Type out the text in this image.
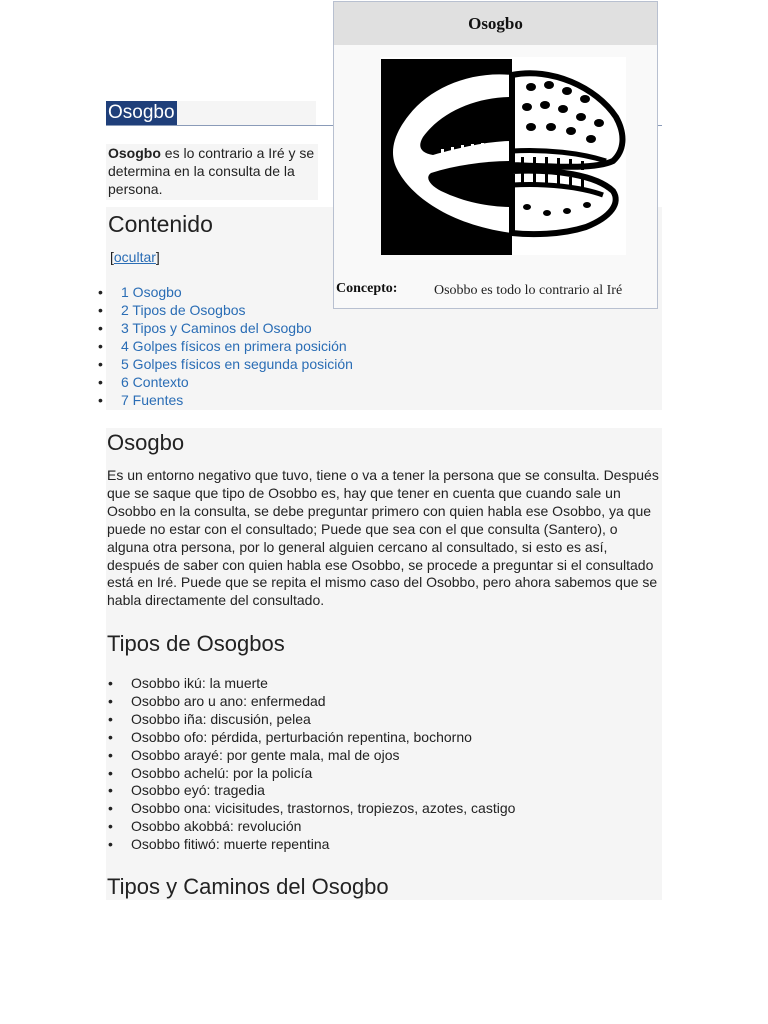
Osogbo
Osogbo es lo contrario a Iré y se determina en la consulta de la persona.
Contenido
[ocultar]
• 1 Osogbo
• 2 Tipos de Osogbos
• 3 Tipos y Caminos del Osogbo
• 4 Golpes físicos en primera posición
• 5 Golpes físicos en segunda posición
• 6 Contexto
• 7 Fuentes
Osogbo
Concepto:	Osobbo es todo lo contrario al Iré
Osogbo
Es un entorno negativo que tuvo, tiene o va a tener la persona que se consulta. Después que se saque que tipo de Osobbo es, hay que tener en cuenta que cuando sale un Osobbo en la consulta, se debe preguntar primero con quien habla ese Osobbo, ya que puede no estar con el consultado; Puede que sea con el que consulta (Santero), o alguna otra persona, por lo general alguien cercano al consultado, si esto es así, después de saber con quien habla ese Osobbo, se procede a preguntar si el consultado está en Iré. Puede que se repita el mismo caso del Osobbo, pero ahora sabemos que se habla directamente del consultado.
Tipos de Osogbos
• Osobbo ikú: la muerte
• Osobbo aro u ano: enfermedad
• Osobbo iña: discusión, pelea
• Osobbo ofo: pérdida, perturbación repentina, bochorno
• Osobbo arayé: por gente mala, mal de ojos
• Osobbo achelú: por la policía
• Osobbo eyó: tragedia
• Osobbo ona: vicisitudes, trastornos, tropiezos, azotes, castigo
• Osobbo akobbá: revolución
• Osobbo fitiwó: muerte repentina
Tipos y Caminos del Osogbo
